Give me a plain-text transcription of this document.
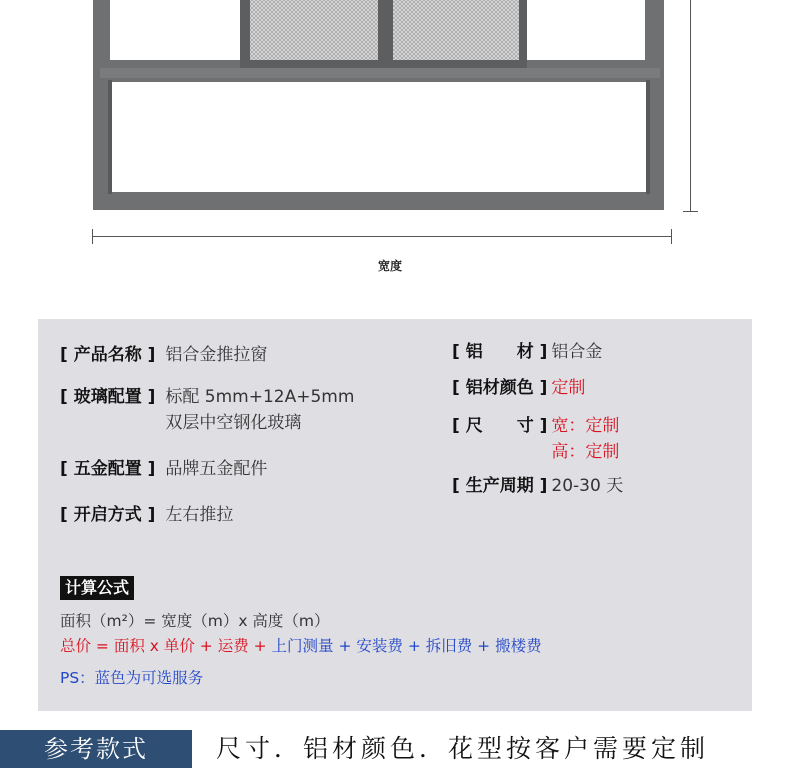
宽度
[ 产品名称 ] 铝合金推拉窗
[ 玻璃配置 ] 标配 5mm+12A+5mm
双层中空钢化玻璃
[ 五金配置 ] 品牌五金配件
[ 开启方式 ] 左右推拉
[ 铝　　材 ] 铝合金
[ 铝材颜色 ] 定制
[ 尺　　寸 ] 宽：定制
高：定制
[ 生产周期 ] 20-30 天
计算公式
面积（m²）= 宽度（m）x 高度（m）
总价 = 面积 x 单价 + 运费 + 上门测量 + 安装费 + 拆旧费 + 搬楼费
PS：蓝色为可选服务
参考款式	尺寸．铝材颜色．花型按客户需要定制
